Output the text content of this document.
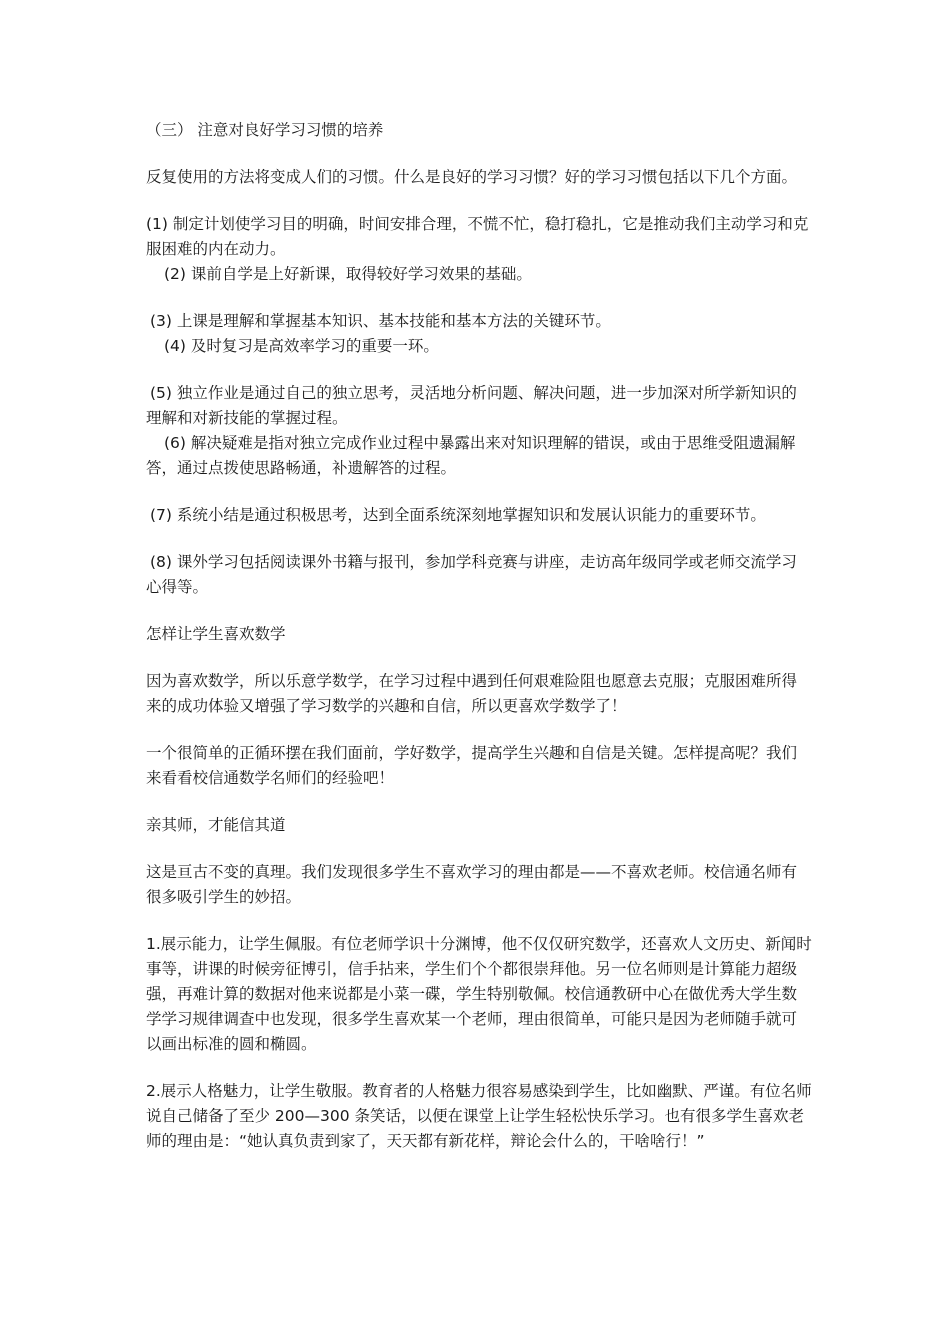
（三） 注意对良好学习习惯的培养

反复使用的方法将变成人们的习惯。什么是良好的学习习惯？好的学习习惯包括以下几个方面。

(1) 制定计划使学习目的明确，时间安排合理，不慌不忙，稳打稳扎，它是推动我们主动学习和克服困难的内在动力。

(2) 课前自学是上好新课，取得较好学习效果的基础。

(3) 上课是理解和掌握基本知识、基本技能和基本方法的关键环节。

(4) 及时复习是高效率学习的重要一环。

(5) 独立作业是通过自己的独立思考，灵活地分析问题、解决问题，进一步加深对所学新知识的理解和对新技能的掌握过程。

(6) 解决疑难是指对独立完成作业过程中暴露出来对知识理解的错误，或由于思维受阻遗漏解答，通过点拨使思路畅通，补遗解答的过程。

(7) 系统小结是通过积极思考，达到全面系统深刻地掌握知识和发展认识能力的重要环节。

(8) 课外学习包括阅读课外书籍与报刊，参加学科竞赛与讲座，走访高年级同学或老师交流学习心得等。

怎样让学生喜欢数学

因为喜欢数学，所以乐意学数学，在学习过程中遇到任何艰难险阻也愿意去克服；克服困难所得来的成功体验又增强了学习数学的兴趣和自信，所以更喜欢学数学了！

一个很简单的正循环摆在我们面前，学好数学，提高学生兴趣和自信是关键。怎样提高呢？我们来看看校信通数学名师们的经验吧！

亲其师，才能信其道

这是亘古不变的真理。我们发现很多学生不喜欢学习的理由都是——不喜欢老师。校信通名师有很多吸引学生的妙招。

1.展示能力，让学生佩服。有位老师学识十分渊博，他不仅仅研究数学，还喜欢人文历史、新闻时事等，讲课的时候旁征博引，信手拈来，学生们个个都很崇拜他。另一位名师则是计算能力超级强，再难计算的数据对他来说都是小菜一碟，学生特别敬佩。校信通教研中心在做优秀大学生数学学习规律调查中也发现，很多学生喜欢某一个老师，理由很简单，可能只是因为老师随手就可以画出标准的圆和椭圆。

2.展示人格魅力，让学生敬服。教育者的人格魅力很容易感染到学生，比如幽默、严谨。有位名师说自己储备了至少 200—300 条笑话，以便在课堂上让学生轻松快乐学习。也有很多学生喜欢老师的理由是：“她认真负责到家了，天天都有新花样，辩论会什么的，干啥啥行！”
